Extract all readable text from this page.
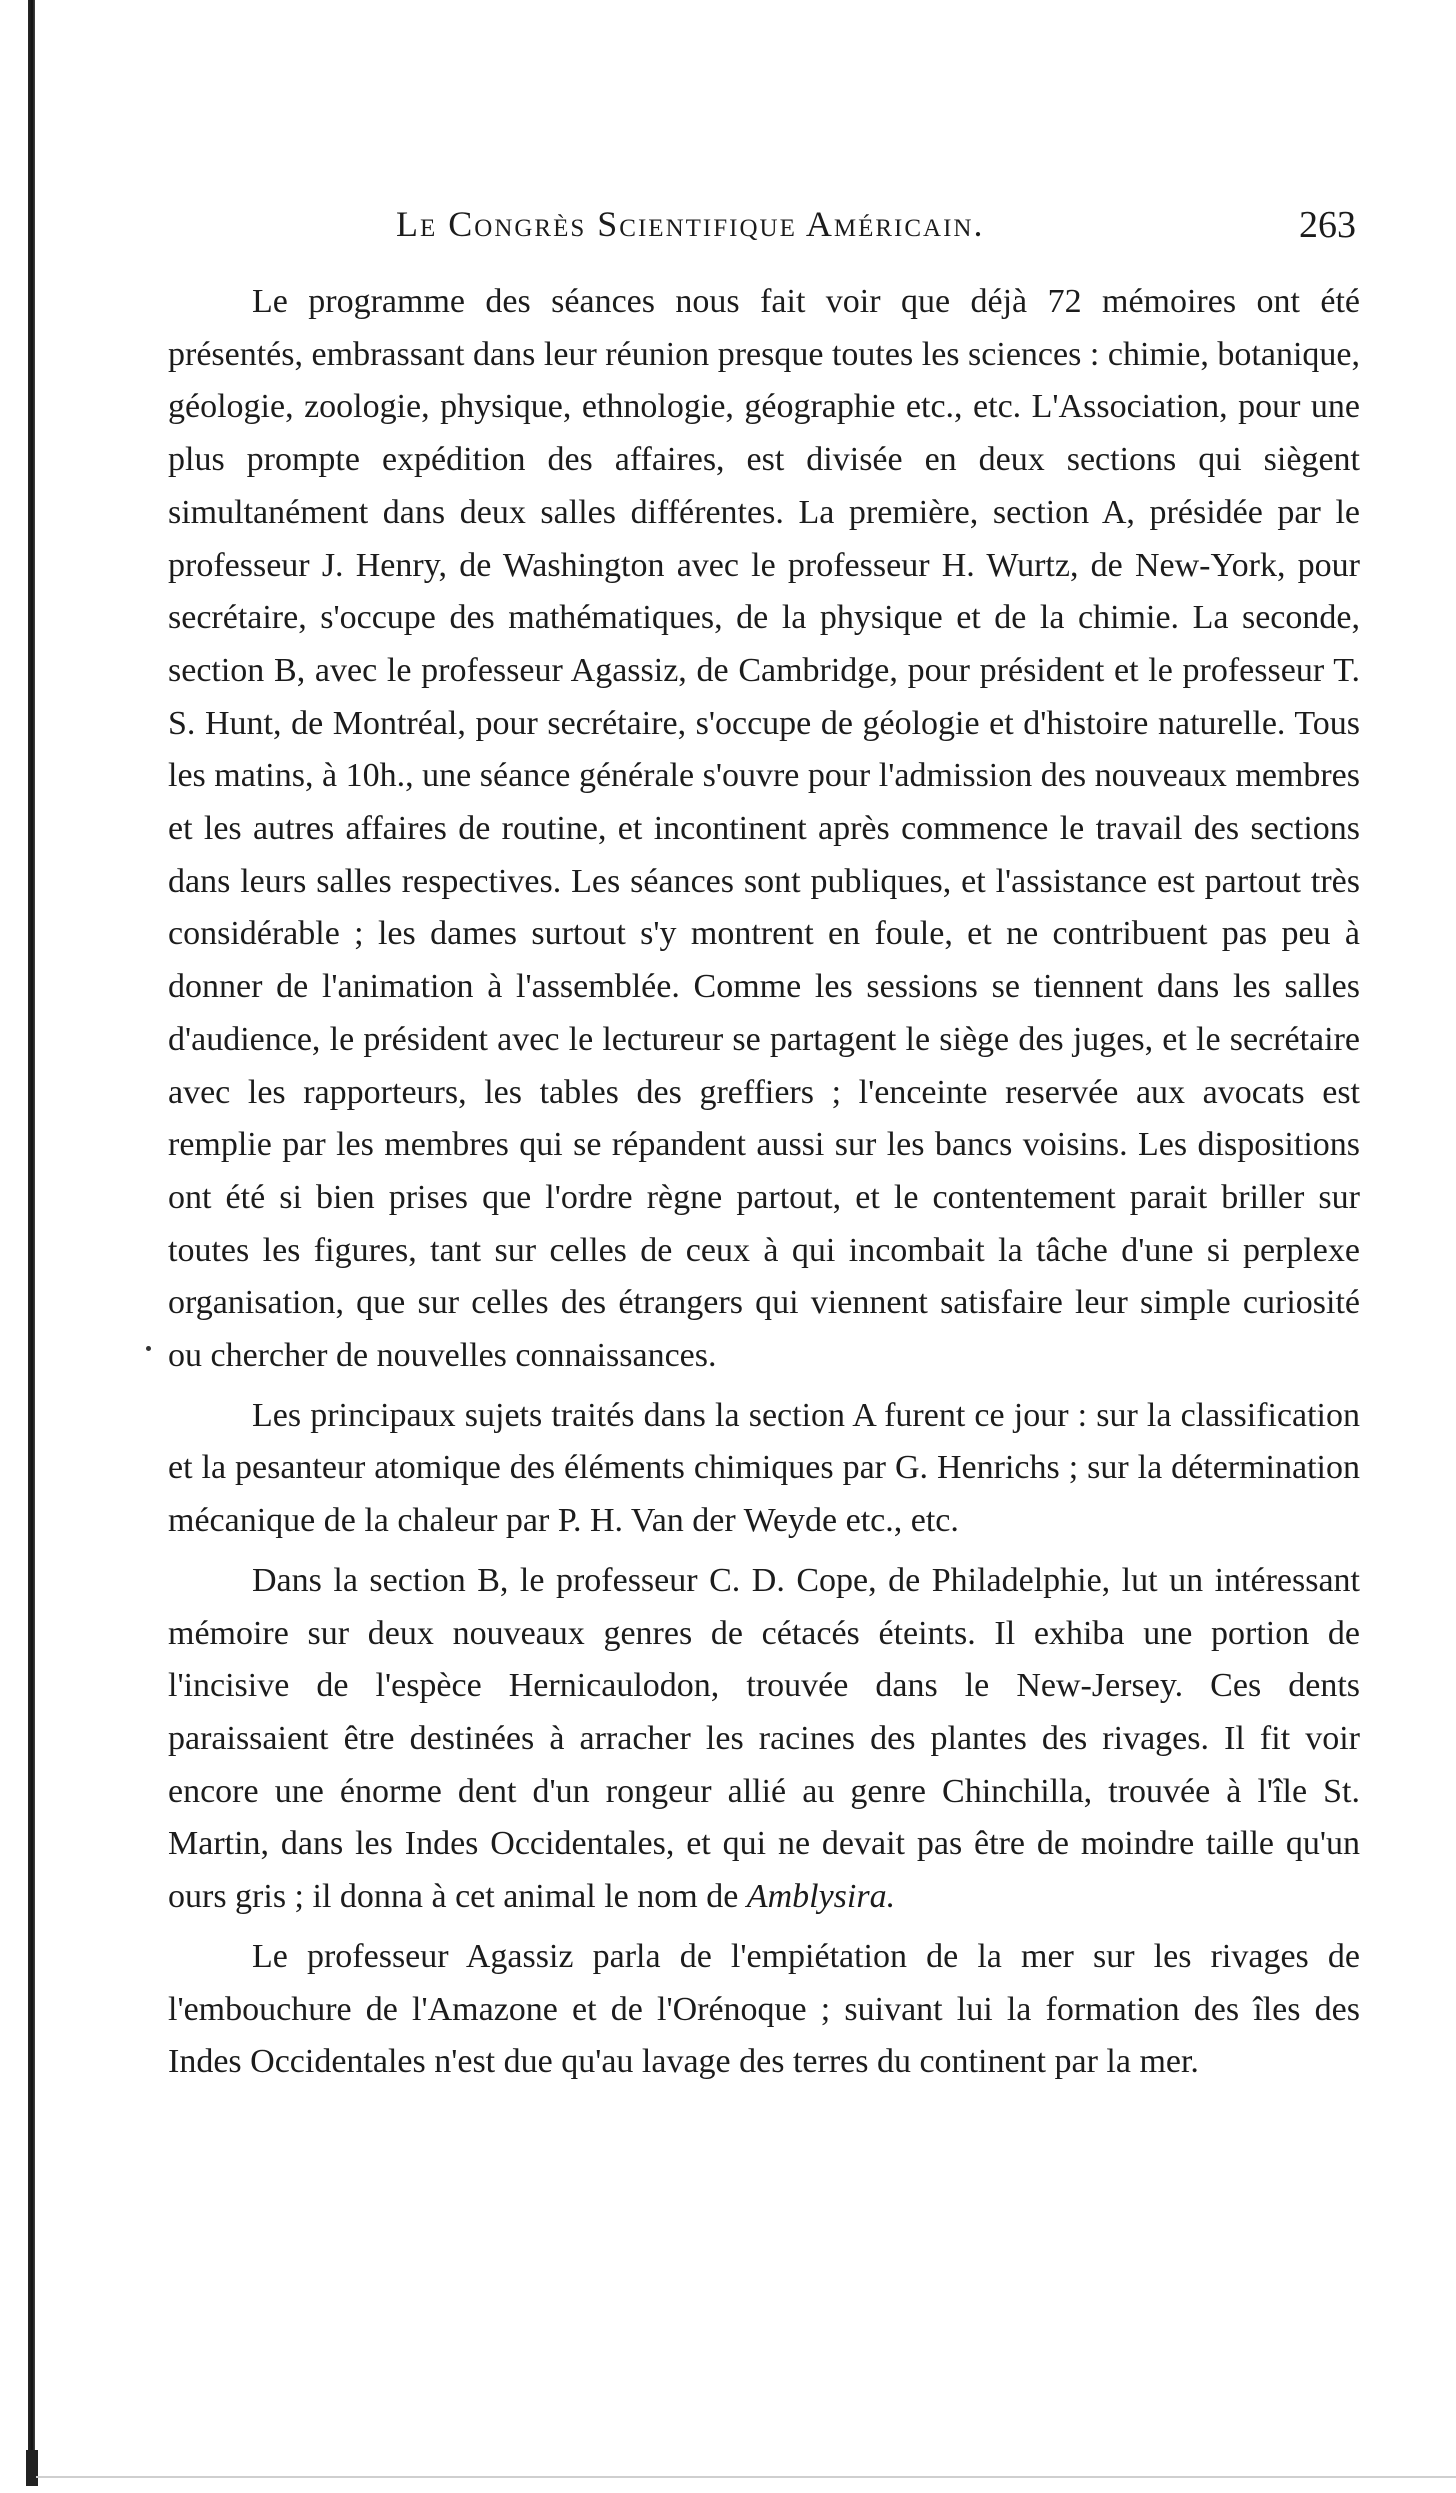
Le Congrès Scientifique Américain.	263

Le programme des séances nous fait voir que déjà 72 mémoires ont été présentés, embrassant dans leur réunion presque toutes les sciences : chimie, botanique, géologie, zoologie, physique, ethnologie, géographie etc., etc. L'Association, pour une plus prompte expédition des affaires, est divisée en deux sections qui siègent simultanément dans deux salles différentes. La première, section A, présidée par le professeur J. Henry, de Washington avec le professeur H. Wurtz, de New-York, pour secrétaire, s'occupe des mathématiques, de la physique et de la chimie. La seconde, section B, avec le professeur Agassiz, de Cambridge, pour président et le professeur T. S. Hunt, de Montréal, pour secrétaire, s'occupe de géologie et d'histoire naturelle. Tous les matins, à 10h., une séance générale s'ouvre pour l'admission des nouveaux membres et les autres affaires de routine, et incontinent après commence le travail des sections dans leurs salles respectives. Les séances sont publiques, et l'assistance est partout très considérable ; les dames surtout s'y montrent en foule, et ne contribuent pas peu à donner de l'animation à l'assemblée. Comme les sessions se tiennent dans les salles d'audience, le président avec le lectureur se partagent le siège des juges, et le secrétaire avec les rapporteurs, les tables des greffiers ; l'enceinte reservée aux avocats est remplie par les membres qui se répandent aussi sur les bancs voisins. Les dispositions ont été si bien prises que l'ordre règne partout, et le contentement parait briller sur toutes les figures, tant sur celles de ceux à qui incombait la tâche d'une si perplexe organisation, que sur celles des étrangers qui viennent satisfaire leur simple curiosité ou chercher de nouvelles connaissances.

Les principaux sujets traités dans la section A furent ce jour : sur la classification et la pesanteur atomique des éléments chimiques par G. Henrichs ; sur la détermination mécanique de la chaleur par P. H. Van der Weyde etc., etc.

Dans la section B, le professeur C. D. Cope, de Philadelphie, lut un intéressant mémoire sur deux nouveaux genres de cétacés éteints. Il exhiba une portion de l'incisive de l'espèce Hernicaulodon, trouvée dans le New-Jersey. Ces dents paraissaient être destinées à arracher les racines des plantes des rivages. Il fit voir encore une énorme dent d'un rongeur allié au genre Chinchilla, trouvée à l'île St. Martin, dans les Indes Occidentales, et qui ne devait pas être de moindre taille qu'un ours gris ; il donna à cet animal le nom de Amblysira.

Le professeur Agassiz parla de l'empiétation de la mer sur les rivages de l'embouchure de l'Amazone et de l'Orénoque ; suivant lui la formation des îles des Indes Occidentales n'est due qu'au lavage des terres du continent par la mer.
